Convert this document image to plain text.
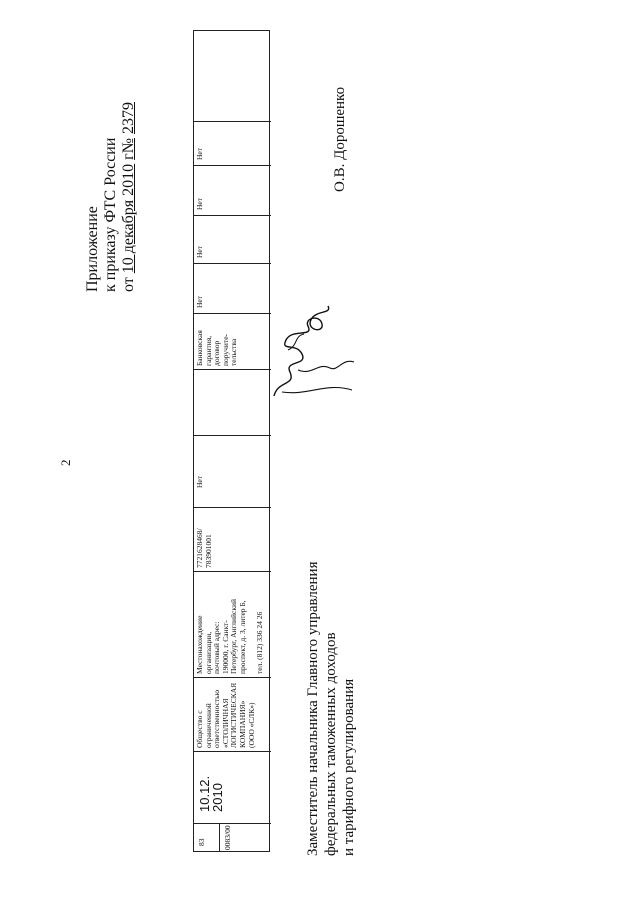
2
Приложение к приказу ФТС России от 10 декабря 2010 г№ 2379
Нет
Нет
Нет
Нет
Банковская гарантия, договор поручите- тельства
Нет
7721628468/ 783901001
Местонахождение организации, почтовый адрес: 190000, г. Санкт- Петербург, Английский проспект, д. 3, литер Б,
тел. (812) 336 24 26
Общество с ограниченной ответственностью «СТОЛИЧНАЯ ЛОГИСТИЧЕСКАЯ КОМПАНИЯ» (ООО «СЛК»)
10.12.
2010
83 0083/00
О.В. Дорошенко
Заместитель начальника Главного управления федеральных таможенных доходов и тарифного регулирования
